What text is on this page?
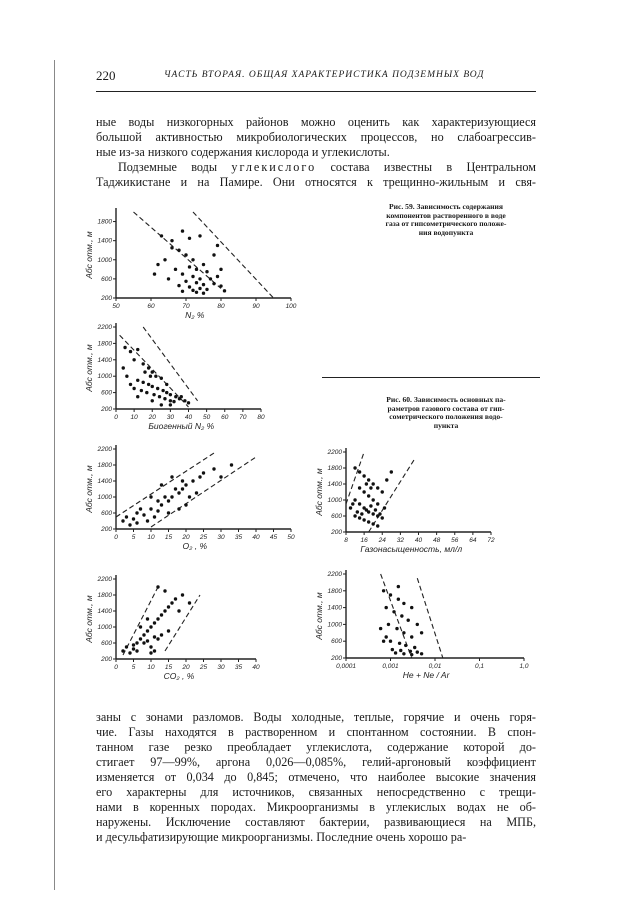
220	ЧАСТЬ ВТОРАЯ. ОБЩАЯ ХАРАКТЕРИСТИКА ПОДЗЕМНЫХ ВОД
ные воды низкогорных районов можно оценить как характеризующиеся
большой активностью микробиологических процессов, но слабоагрессив-
ные из-за низкого содержания кислорода и углекислоты.
Подземные воды углекислого состава известны в Центральном
Таджикистане и на Памире. Они относятся к трещинно-жильным и свя-
Рис. 59. Зависимость содержания
компонентов растворенного в воде
газа от гипсометрического положе-
ния водопункта
Рис. 60. Зависимость основных па-
раметров газового состава от гип-
сометрического положения водо-
пункта
50	60	70	80	90	100
200
600
1000
1400
1800
N₂ %
Абс отм., м
0 10 20 30 40 50 60 70 80
200
600
1000
1400
1800
2200
Биогенный N₂ %
Абс отм., м
0 5 10 15 20 25 30 35 40 45 50
200
600
1000
1400
1800
2200
O₂ , %
Абс отм., м
0 5 10 15 20 25 30 35 40
200
600
1000
1400
1800
2200
CO₂ , %
Абс отм., м
8 16 24 32 40 48 56 64 72
200
600
1000
1400
1800
2200
Газонасыщенность, мл/л
Абс отм., м
0,0001	0,001	0,01	0,1	1,0
200
600
1000
1400
1800
2200
He + Ne / Ar
Абс отм., м
заны с зонами разломов. Воды холодные, теплые, горячие и очень горя-
чие. Газы находятся в растворенном и спонтанном состоянии. В спон-
танном газе резко преобладает углекислота, содержание которой до-
стигает 97—99%, аргона 0,026—0,085%, гелий-аргоновый коэффициент
изменяется от 0,034 до 0,845; отмечено, что наиболее высокие значения
его характерны для источников, связанных непосредственно с трещи-
нами в коренных породах. Микроорганизмы в углекислых водах не об-
наружены. Исключение составляют бактерии, развивающиеся на МПБ,
и десульфатизирующие микроорганизмы. Последние очень хорошо ра-
